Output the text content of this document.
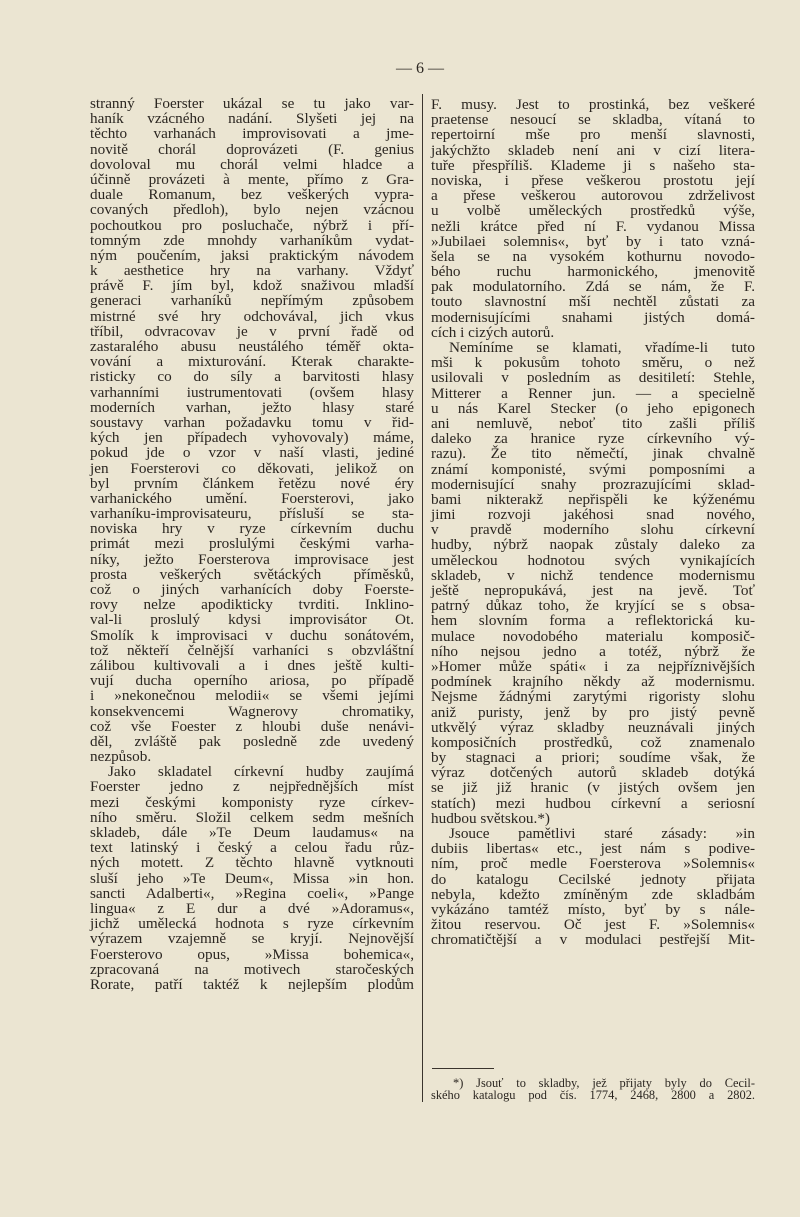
— 6 —
stranný Foerster ukázal se tu jako var-
haník vzácného nadání. Slyšeti jej na
těchto varhanách improvisovati a jme-
novitě chorál doprovázeti (F. genius
dovoloval mu chorál velmi hladce a
účinně provázeti à mente, přímo z Gra-
duale Romanum, bez veškerých vypra-
covaných předloh), bylo nejen vzácnou
pochoutkou pro posluchače, nýbrž i pří-
tomným zde mnohdy varhaníkům vydat-
ným poučením, jaksi praktickým návodem
k aesthetice hry na varhany. Vždyť
právě F. jím byl, kdož snaživou mladší
generaci varhaníků nepřímým způsobem
mistrné své hry odchovával, jich vkus
tříbil, odvracovav je v první řadě od
zastaralého abusu neustálého téměř okta-
vování a mixturování. Kterak charakte-
risticky co do síly a barvitosti hlasy
varhanními iustrumentovati (ovšem hlasy
moderních varhan, ježto hlasy staré
soustavy varhan požadavku tomu v řid-
kých jen případech vyhovovaly) máme,
pokud jde o vzor v naší vlasti, jediné
jen Foersterovi co děkovati, jelikož on
byl prvním článkem řetězu nové éry
varhanického umění. Foersterovi, jako
varhaníku-improvisateuru, přísluší se sta-
noviska hry v ryze církevním duchu
primát mezi proslulými českými varha-
níky, ježto Foersterova improvisace jest
prosta veškerých světáckých příměsků,
což o jiných varhanících doby Foerste-
rovy nelze apodikticky tvrditi. Inklino-
val-li proslulý kdysi improvisátor Ot.
Smolík k improvisaci v duchu sonátovém,
tož někteří čelnější varhaníci s obzvláštní
zálibou kultivovali a i dnes ještě kulti-
vují ducha operního ariosa, po případě
i »nekonečnou melodii« se všemi jejími
konsekvencemi Wagnerovy chromatiky,
což vše Foester z hloubi duše nenávi-
děl, zvláště pak posledně zde uvedený
nezpůsob.
Jako skladatel církevní hudby zaujímá
Foerster jedno z nejpřednějších míst
mezi českými komponisty ryze církev-
ního směru. Složil celkem sedm mešních
skladeb, dále »Te Deum laudamus« na
text latinský i český a celou řadu růz-
ných motett. Z těchto hlavně vytknouti
sluší jeho »Te Deum«, Missa »in hon.
sancti Adalberti«, »Regina coeli«, »Pange
lingua« z E dur a dvé »Adoramus«,
jichž umělecká hodnota s ryze církevním
výrazem vzajemně se kryjí. Nejnovější
Foersterovo opus, »Missa bohemica«,
zpracovaná na motivech staročeských
Rorate, patří taktéž k nejlepším plodům
F. musy. Jest to prostinká, bez veškeré
praetense nesoucí se skladba, vítaná to
repertoirní mše pro menší slavnosti,
jakýchžto skladeb není ani v cizí litera-
tuře přespříliš. Klademe ji s našeho sta-
noviska, i přese veškerou prostotu její
a přese veškerou autorovou zdrželivost
u volbě uměleckých prostředků výše,
nežli krátce před ní F. vydanou Missa
»Jubilaei solemnis«, byť by i tato vzná-
šela se na vysokém kothurnu novodo-
bého ruchu harmonického, jmenovitě
pak modulatorního. Zdá se nám, že F.
touto slavnostní mší nechtěl zůstati za
modernisujícími snahami jistých domá-
cích i cizých autorů.
Nemíníme se klamati, vřadíme-li tuto
mši k pokusům tohoto směru, o než
usilovali v posledním as desitiletí: Stehle,
Mitterer a Renner jun. — a specielně
u nás Karel Stecker (o jeho epigonech
ani nemluvě, neboť tito zašli příliš
daleko za hranice ryze církevního vý-
razu). Že tito němečtí, jinak chvalně
známí komponisté, svými pomposními a
modernisující snahy prozrazujícími sklad-
bami nikterakž nepřispěli ke kýženému
jimi rozvoji jakéhosi snad nového,
v pravdě moderního slohu církevní
hudby, nýbrž naopak zůstaly daleko za
uměleckou hodnotou svých vynikajících
skladeb, v nichž tendence modernismu
ještě nepropukává, jest na jevě. Toť
patrný důkaz toho, že kryjící se s obsa-
hem slovním forma a reflektorická ku-
mulace novodobého materialu komposič-
ního nejsou jedno a totéž, nýbrž že
»Homer může spáti« i za nejpříznivějších
podmínek krajního někdy až modernismu.
Nejsme žádnými zarytými rigoristy slohu
aniž puristy, jenž by pro jistý pevně
utkvělý výraz skladby neuznávali jiných
komposičních prostředků, což znamenalo
by stagnaci a priori; soudíme však, že
výraz dotčených autorů skladeb dotýká
se již již hranic (v jistých ovšem jen
statích) mezi hudbou církevní a seriosní
hudbou světskou.*)
Jsouce pamětlivi staré zásady: »in
dubiis libertas« etc., jest nám s podive-
ním, proč medle Foersterova »Solemnis«
do katalogu Cecilské jednoty přijata
nebyla, kdežto zmíněným zde skladbám
vykázáno tamtéž místo, byť by s nále-
žitou reservou. Oč jest F. »Solemnis«
chromatičtější a v modulaci pestřejší Mit-
*) Jsouť to skladby, jež přijaty byly do Cecil-
ského katalogu pod čís. 1774, 2468, 2800 a 2802.
